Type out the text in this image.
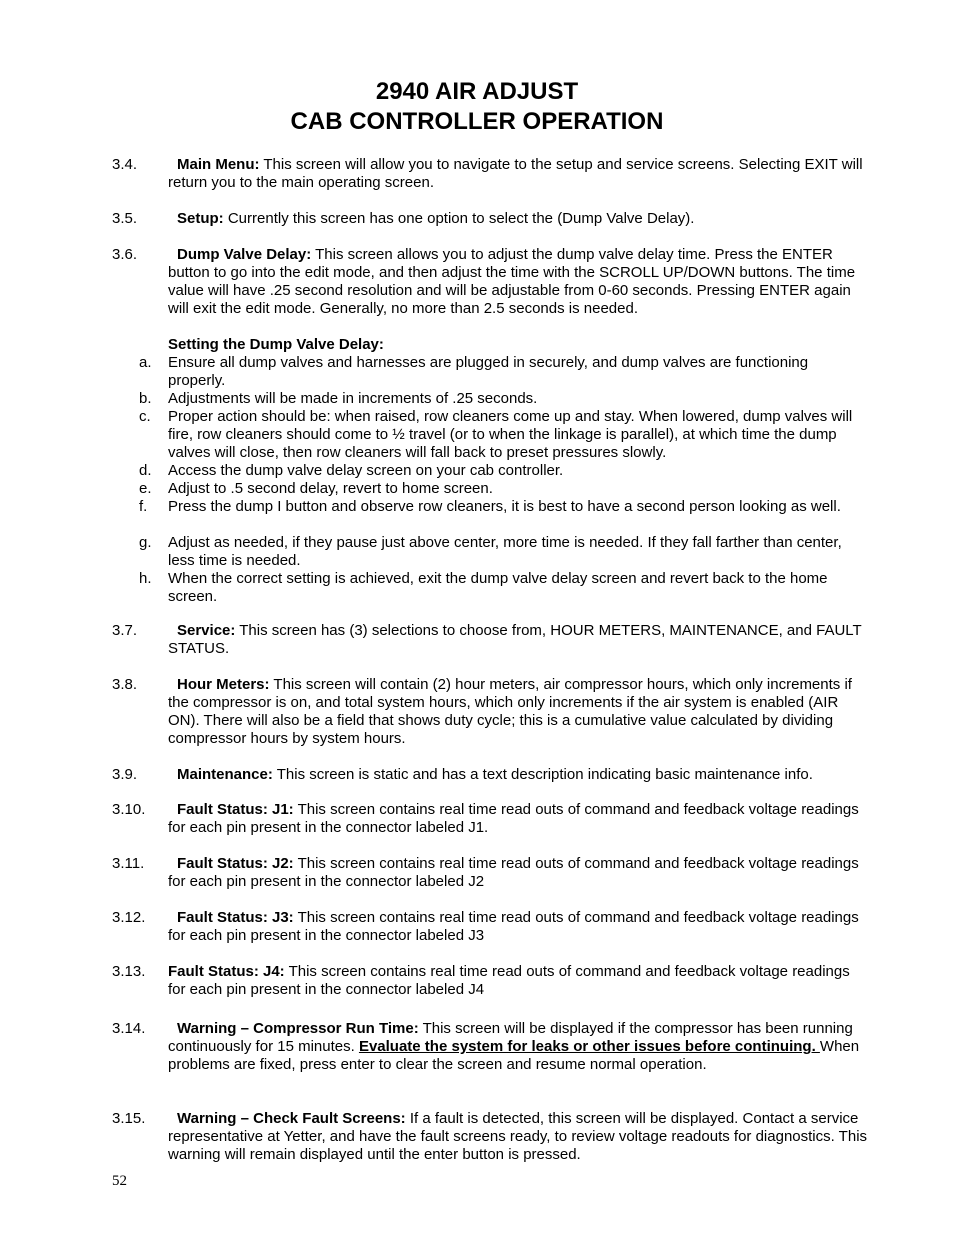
2940 AIR ADJUST
CAB CONTROLLER OPERATION
3.4.	Main Menu: This screen will allow you to navigate to the setup and service screens. Selecting EXIT will return you to the main operating screen.
3.5.	Setup: Currently this screen has one option to select the (Dump Valve Delay).
3.6.	Dump Valve Delay: This screen allows you to adjust the dump valve delay time. Press the ENTER button to go into the edit mode, and then adjust the time with the SCROLL UP/DOWN buttons. The time value will have .25 second resolution and will be adjustable from 0-60 seconds. Pressing ENTER again will exit the edit mode. Generally, no more than 2.5 seconds is needed.
Setting the Dump Valve Delay:
a.	Ensure all dump valves and harnesses are plugged in securely, and dump valves are functioning properly.
b.	Adjustments will be made in increments of .25 seconds.
c.	Proper action should be: when raised, row cleaners come up and stay. When lowered, dump valves will fire, row cleaners should come to ½ travel (or to when the linkage is parallel), at which time the dump valves will close, then row cleaners will fall back to preset pressures slowly.
d.	Access the dump valve delay screen on your cab controller.
e.	Adjust to .5 second delay, revert to home screen.
f.	Press the dump I button and observe row cleaners, it is best to have a second person looking as well.
g.	Adjust as needed, if they pause just above center, more time is needed. If they fall farther than center, less time is needed.
h.	When the correct setting is achieved, exit the dump valve delay screen and revert back to the home screen.
3.7.	Service: This screen has (3) selections to choose from, HOUR METERS, MAINTENANCE, and FAULT STATUS.
3.8.	Hour Meters: This screen will contain (2) hour meters, air compressor hours, which only increments if the compressor is on, and total system hours, which only increments if the air system is enabled (AIR ON). There will also be a field that shows duty cycle; this is a cumulative value calculated by dividing compressor hours by system hours.
3.9.	Maintenance: This screen is static and has a text description indicating basic maintenance info.
3.10.	Fault Status: J1: This screen contains real time read outs of command and feedback voltage readings for each pin present in the connector labeled J1.
3.11.	Fault Status: J2: This screen contains real time read outs of command and feedback voltage readings for each pin present in the connector labeled J2
3.12.	Fault Status: J3: This screen contains real time read outs of command and feedback voltage readings for each pin present in the connector labeled J3
3.13. Fault Status: J4: This screen contains real time read outs of command and feedback voltage readings for each pin present in the connector labeled J4
3.14.	Warning – Compressor Run Time: This screen will be displayed if the compressor has been running continuously for 15 minutes. Evaluate the system for leaks or other issues before continuing. When problems are fixed, press enter to clear the screen and resume normal operation.
3.15.	Warning – Check Fault Screens: If a fault is detected, this screen will be displayed. Contact a service representative at Yetter, and have the fault screens ready, to review voltage readouts for diagnostics. This warning will remain displayed until the enter button is pressed.
52
